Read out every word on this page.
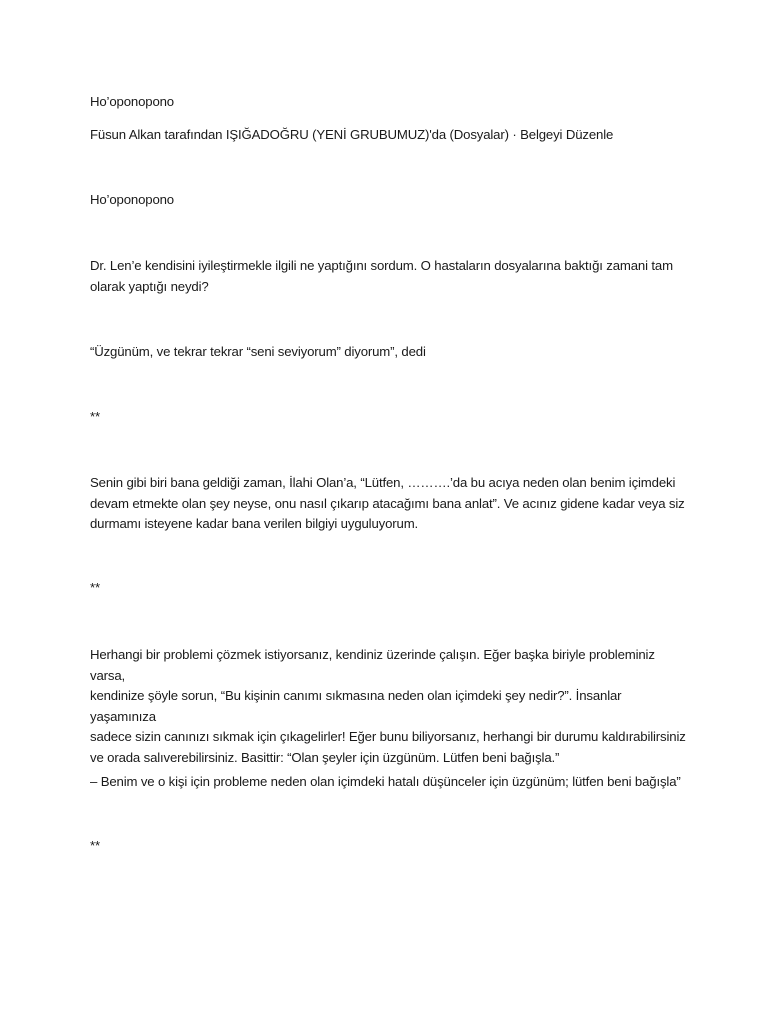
Ho’oponopono
Füsun Alkan tarafından IŞIĞADOĞRU (YENİ GRUBUMUZ)'da (Dosyalar) · Belgeyi Düzenle
Ho’oponopono
Dr. Len’e kendisini iyileştirmekle ilgili ne yaptığını sordum. O hastaların dosyalarına baktığı zamani tam
olarak yaptığı neydi?
“Üzgünüm, ve tekrar tekrar “seni seviyorum” diyorum”, dedi
**
Senin gibi biri bana geldiği zaman, İlahi Olan’a, “Lütfen, ……….’da bu acıya neden olan benim içimdeki
devam etmekte olan şey neyse, onu nasıl çıkarıp atacağımı bana anlat”. Ve acınız gidene kadar veya siz
durmamı isteyene kadar bana verilen bilgiyi uyguluyorum.
**
Herhangi bir problemi çözmek istiyorsanız, kendiniz üzerinde çalışın. Eğer başka biriyle probleminiz varsa,
kendinize şöyle sorun, “Bu kişinin canımı sıkmasına neden olan içimdeki şey nedir?”. İnsanlar yaşamınıza
sadece sizin canınızı sıkmak için çıkagelirler! Eğer bunu biliyorsanız, herhangi bir durumu kaldırabilirsiniz
ve orada salıverebilirsiniz. Basittir: “Olan şeyler için üzgünüm. Lütfen beni bağışla.”
– Benim ve o kişi için probleme neden olan içimdeki hatalı düşünceler için üzgünüm; lütfen beni bağışla”
**
